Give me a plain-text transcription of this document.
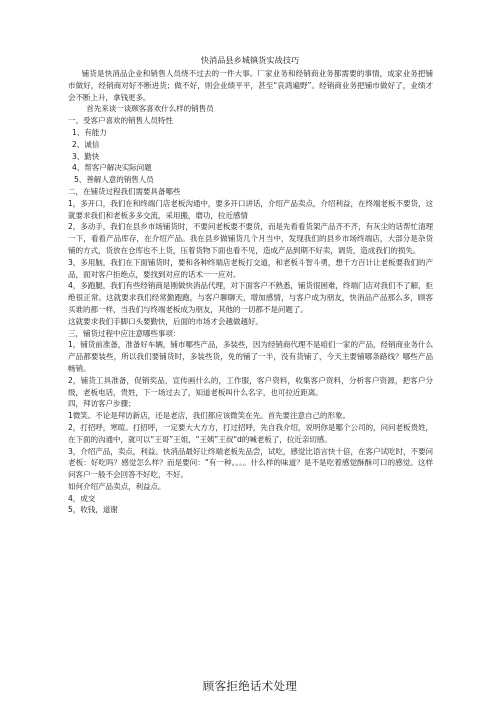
快消品县乡城镇货实战技巧

铺货是快消品企业和销售人员绕不过去的一件大事。厂家业务和经销商业务都需要的事情，成家业务把铺市做好，经销商对好不断进货；做不好，则会业绩平平，甚至“哀鸿遍野”。经销商业务把铺市做好了，业绩才会不断上升，拿钱更多。

首先来谈一谈顾客喜欢什么样的销售员

一、受客户喜欢的销售人员特性

1、有能力

2、诚信

3、勤快

4、帮客户解决实际问题

5、善解人意的销售人员

二，在铺货过程我们需要具备哪些

1，多开口，我们在和终端门店老板沟通中，要多开口讲话，介绍产品卖点，介绍利益，在终端老板不要货，这就要求我们和老板多多交流，采用搬，磨功，拉近感情

2，多动手，我们在县乡市场铺货时，不要问老板要不要货，而是先看看货架产品齐不齐，有灰尘的话帮忙清理一下，看看产品库存，在介绍产品。我在县乡做铺货几个月当中，发现我们的县乡市场终端店，大部分是杂货铺的方式，货放在仓库也不上货，压着货物下面也看不见，造成产品到期不好卖，调货，造成我们的损失。

3，多用脑，我们在下面铺货时，要和各种终端店老板打交道，和老板斗智斗勇，想千方百计让老板要我们的产品，面对客户拒绝点，要找到对应的话术一一应对。

4，多跑腿，我们有些经销商是刚做快消品代理，对下面客户不熟悉，铺货很困难，终端门店对我们不了解，拒绝很正常。这就要求我们经常勤跑跑，与客户聊聊天，增加感情，与客户成为朋友，快消品产品那么多，顾客买谁的都一样，当我们与终端老板成为朋友，其他的一切都不是问题了。

这就要求我们手脚口头要勤快，后面的市场才会越做越好。

三，铺货过程中应注意哪些事项：

1，铺货前准备，准备好车辆，铺市哪些产品，多装些，因为经销商代理不是咱们一家的产品，经销商业务什么产品都要装些，所以我们要铺货时，多装些货，免的铺了一半，没有货铺了，今天主要铺哪条路线？哪些产品畅销。

2，铺货工具准备，促销奖品，宣传画什么的，工作服，客户资料，收集客户资料，分析客户资源，把客户分级，老板电话，贵姓，下一场过去了，知道老板叫什么名字，也可拉近距离。

四，拜访客户步骤；

1微笑。不论是拜访新店，还是老店，我们都应该微笑在先。首先要注意自己的形象。

2，打招呼，寒暄。打招呼，一定要大大方方，打过招呼，先自我介绍，说明你是哪个公司的，问问老板贵姓，在下面的沟通中，就可以“王哥”王姐，“王姨”王叔“d的喊老板了，拉近亲切感。

3，介绍产品，卖点，利益。快消品最好让终端老板先品尝，试吃，感觉比语言快十倍，在客户试吃时，不要问老板：好吃吗？感觉怎么样？而是要问：“有一种。。。。什么样的味道？是不是吃着感觉酥酥可口的感觉。这样问客户一般不会回答不好吃，不好。

如何介绍产品卖点，利益点。

4，成交

5，收钱，道谢

顾客拒绝话术处理
